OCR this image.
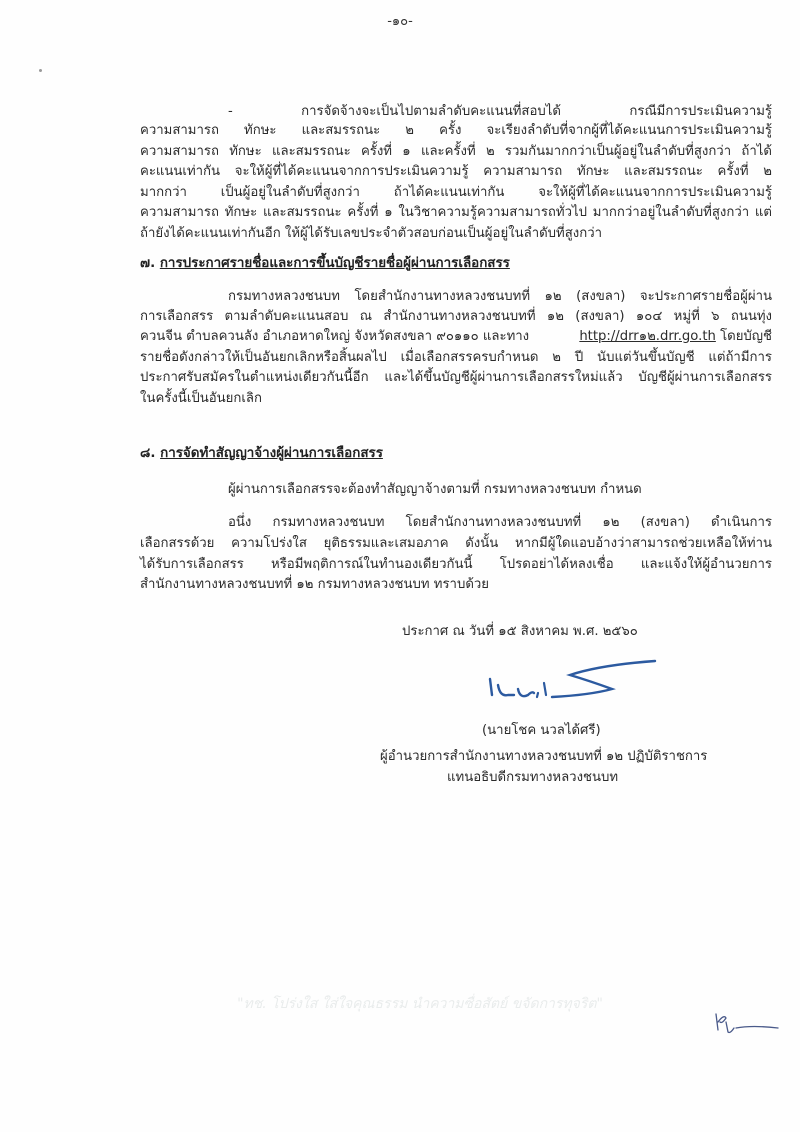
-๑๐-
- การจัดจ้างจะเป็นไปตามลำดับคะแนนที่สอบได้ กรณีมีการประเมินความรู้
ความสามารถ ทักษะ และสมรรถนะ ๒ ครั้ง จะเรียงลำดับที่จากผู้ที่ได้คะแนนการประเมินความรู้
ความสามารถ ทักษะ และสมรรถนะ ครั้งที่ ๑ และครั้งที่ ๒ รวมกันมากกว่าเป็นผู้อยู่ในลำดับที่สูงกว่า ถ้าได้
คะแนนเท่ากัน จะให้ผู้ที่ได้คะแนนจากการประเมินความรู้ ความสามารถ ทักษะ และสมรรถนะ ครั้งที่ ๒
มากกว่า เป็นผู้อยู่ในลำดับที่สูงกว่า ถ้าได้คะแนนเท่ากัน จะให้ผู้ที่ได้คะแนนจากการประเมินความรู้
ความสามารถ ทักษะ และสมรรถนะ ครั้งที่ ๑ ในวิชาความรู้ความสามารถทั่วไป มากกว่าอยู่ในลำดับที่สูงกว่า แต่
ถ้ายังได้คะแนนเท่ากันอีก ให้ผู้ได้รับเลขประจำตัวสอบก่อนเป็นผู้อยู่ในลำดับที่สูงกว่า
๗. การประกาศรายชื่อและการขึ้นบัญชีรายชื่อผู้ผ่านการเลือกสรร
กรมทางหลวงชนบท โดยสำนักงานทางหลวงชนบทที่ ๑๒ (สงขลา) จะประกาศรายชื่อผู้ผ่าน
การเลือกสรร ตามลำดับคะแนนสอบ ณ สำนักงานทางหลวงชนบทที่ ๑๒ (สงขลา) ๑๐๔ หมู่ที่ ๖ ถนนทุ่ง
ควนจีน ตำบลควนลัง อำเภอหาดใหญ่ จังหวัดสงขลา ๙๐๑๑๐ และทาง	http://drr๑๒.drr.go.th โดยบัญชี
รายชื่อดังกล่าวให้เป็นอันยกเลิกหรือสิ้นผลไป เมื่อเลือกสรรครบกำหนด ๒ ปี นับแต่วันขึ้นบัญชี แต่ถ้ามีการ
ประกาศรับสมัครในตำแหน่งเดียวกันนี้อีก และได้ขึ้นบัญชีผู้ผ่านการเลือกสรรใหม่แล้ว บัญชีผู้ผ่านการเลือกสรร
ในครั้งนี้เป็นอันยกเลิก
๘. การจัดทำสัญญาจ้างผู้ผ่านการเลือกสรร
ผู้ผ่านการเลือกสรรจะต้องทำสัญญาจ้างตามที่ กรมทางหลวงชนบท กำหนด
อนึ่ง กรมทางหลวงชนบท โดยสำนักงานทางหลวงชนบทที่ ๑๒ (สงขลา) ดำเนินการ
เลือกสรรด้วย ความโปร่งใส ยุติธรรมและเสมอภาค ดังนั้น หากมีผู้ใดแอบอ้างว่าสามารถช่วยเหลือให้ท่าน
ได้รับการเลือกสรร หรือมีพฤติการณ์ในทำนองเดียวกันนี้ โปรดอย่าได้หลงเชื่อ และแจ้งให้ผู้อำนวยการ
สำนักงานทางหลวงชนบทที่ ๑๒ กรมทางหลวงชนบท ทราบด้วย
ประกาศ ณ วันที่ ๑๕ สิงหาคม พ.ศ. ๒๕๖๐
(นายโชค นวลได้ศรี)
ผู้อำนวยการสำนักงานทางหลวงชนบทที่ ๑๒ ปฏิบัติราชการ
แทนอธิบดีกรมทางหลวงชนบท
"ทช. โปร่งใส ใส่ใจคุณธรรม นำความซื่อสัตย์ ขจัดการทุจริต"
